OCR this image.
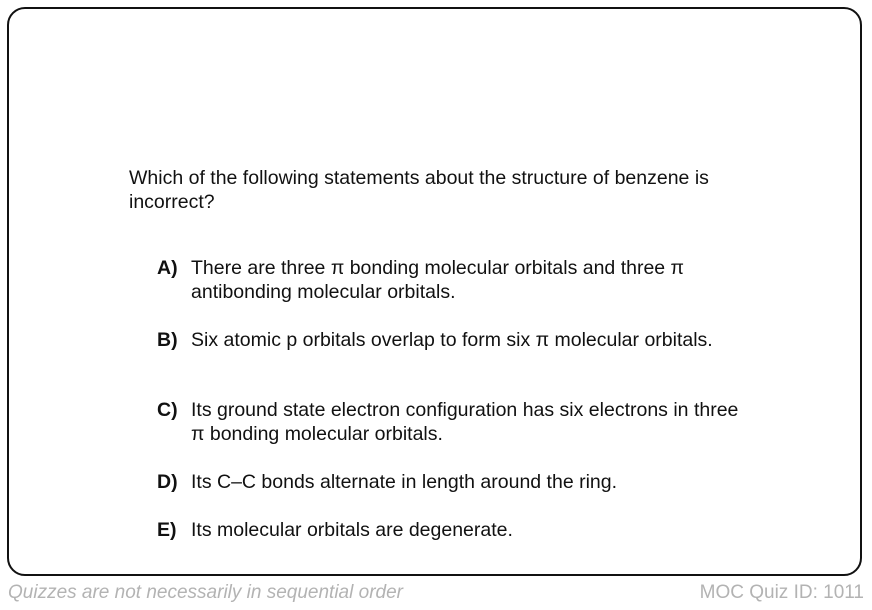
Which of the following statements about the structure of benzene is incorrect?
A) There are three π bonding molecular orbitals and three π antibonding molecular orbitals.
B) Six atomic p orbitals overlap to form six π molecular orbitals.
C) Its ground state electron configuration has six electrons in three π bonding molecular orbitals.
D) Its C–C bonds alternate in length around the ring.
E) Its molecular orbitals are degenerate.
Quizzes are not necessarily in sequential order	MOC Quiz ID: 1011
